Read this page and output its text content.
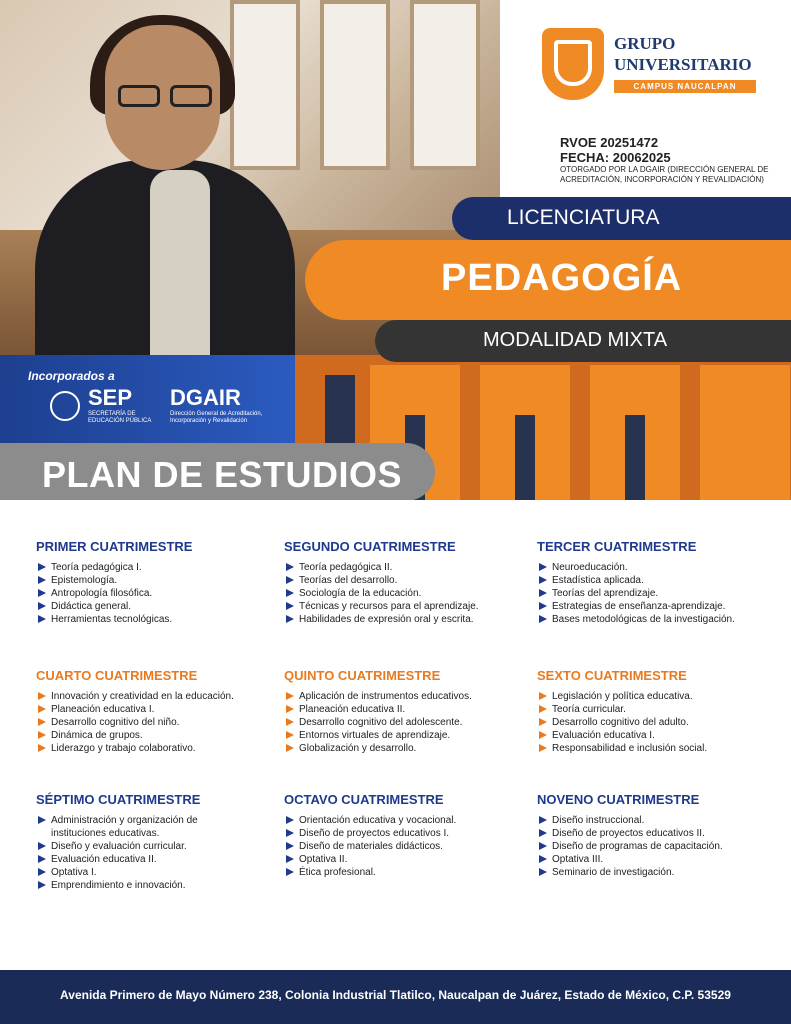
Incorporados a
SEP
SECRETARÍA DE EDUCACIÓN PÚBLICA
DGAIR
Dirección General de Acreditación, Incorporación y Revalidación
PLAN DE ESTUDIOS
GRUPO
UNIVERSITARIO
CAMPUS NAUCALPAN
RVOE 20251472
FECHA: 20062025
OTORGADO POR LA DGAIR (DIRECCIÓN GENERAL DE ACREDITACIÓN, INCORPORACIÓN Y REVALIDACIÓN)
LICENCIATURA
PEDAGOGÍA
MODALIDAD MIXTA
PRIMER CUATRIMESTRE
Teoría pedagógica I.
Epistemología.
Antropología filosófica.
Didáctica general.
Herramientas tecnológicas.
SEGUNDO CUATRIMESTRE
Teoría pedagógica II.
Teorías del desarrollo.
Sociología de la educación.
Técnicas y recursos para el aprendizaje.
Habilidades de expresión oral y escrita.
TERCER CUATRIMESTRE
Neuroeducación.
Estadística aplicada.
Teorías del aprendizaje.
Estrategias de enseñanza-aprendizaje.
Bases metodológicas de la investigación.
CUARTO CUATRIMESTRE
Innovación y creatividad en la educación.
Planeación educativa I.
Desarrollo cognitivo del niño.
Dinámica de grupos.
Liderazgo y trabajo colaborativo.
QUINTO CUATRIMESTRE
Aplicación de instrumentos educativos.
Planeación educativa II.
Desarrollo cognitivo del adolescente.
Entornos virtuales de aprendizaje.
Globalización y desarrollo.
SEXTO CUATRIMESTRE
Legislación y política educativa.
Teoría curricular.
Desarrollo cognitivo del adulto.
Evaluación educativa I.
Responsabilidad e inclusión social.
SÉPTIMO CUATRIMESTRE
Administración y organización de instituciones educativas.
Diseño y evaluación curricular.
Evaluación educativa II.
Optativa I.
Emprendimiento e innovación.
OCTAVO CUATRIMESTRE
Orientación educativa y vocacional.
Diseño de proyectos educativos I.
Diseño de materiales didácticos.
Optativa II.
Ética profesional.
NOVENO CUATRIMESTRE
Diseño instruccional.
Diseño de proyectos educativos II.
Diseño de programas de capacitación.
Optativa III.
Seminario de investigación.
Avenida Primero de Mayo Número 238, Colonia Industrial Tlatilco, Naucalpan de Juárez, Estado de México, C.P. 53529
